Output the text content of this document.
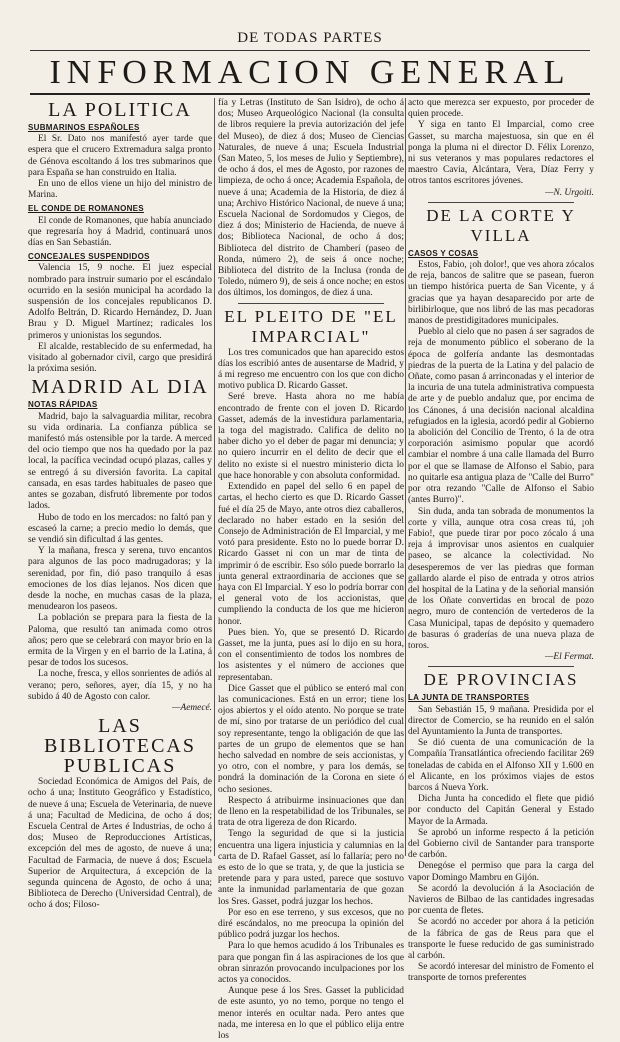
DE TODAS PARTES
INFORMACION GENERAL
LA POLITICA
SUBMARINOS ESPAÑOLES

El Sr. Dato nos manifestó ayer tarde que espera que el crucero Extremadura salga pronto de Génova escoltando á los tres submarinos que para España se han construido en Italia.

En uno de ellos viene un hijo del ministro de Marina.

EL CONDE DE ROMANONES

El conde de Romanones, que había anunciado que regresaría hoy á Madrid, continuará unos días en San Sebastián.

CONCEJALES SUSPENDIDOS

Valencia 15, 9 noche. El juez especial nombrado para instruir sumario por el escándalo ocurrido en la sesión municipal ha acordado la suspensión de los concejales republicanos D. Adolfo Beltrán, D. Ricardo Hernández, D. Juan Brau y D. Miguel Martínez; radicales los primeros y unionistas los segundos.

El alcalde, restablecido de su enfermedad, ha visitado al gobernador civil, cargo que presidirá la próxima sesión.

MADRID AL DIA
NOTAS RÁPIDAS

Madrid, bajo la salvaguardia militar, recobra su vida ordinaria. La confianza pública se manifestó más ostensible por la tarde. A merced del ocio tiempo que nos ha quedado por la paz local, la pacífica vecindad ocupó plazas, calles y se entregó á su diversión favorita. La capital cansada, en esas tardes habituales de paseo que antes se gozaban, disfrutó libremente por todos lados.

Hubo de todo en los mercados: no faltó pan y escaseó la carne; a precio medio lo demás, que se vendió sin dificultad á las gentes.

Y la mañana, fresca y serena, tuvo encantos para algunos de las poco madrugadoras; y la serenidad, por fin, dió paso tranquilo á esas emociones de los días lejanos. Nos dicen que desde la noche, en muchas casas de la plaza, menudearon los paseos.

La población se prepara para la fiesta de la Paloma, que resultó tan animada como otros años; pero que se celebrará con mayor brío en la ermita de la Virgen y en el barrio de la Latina, á pesar de todos los sucesos.

La noche, fresca, y ellos sonrientes de adiós al verano; pero, señores, ayer, día 15, y no ha subido á 40 de Agosto con calor.

—Aemecé.
LAS BIBLIOTECAS PUBLICAS

Sociedad Económica de Amigos del País, de ocho á una; Instituto Geográfico y Estadístico, de nueve á una; Escuela de Veterinaria, de nueve á una; Facultad de Medicina, de ocho á dos; Escuela Central de Artes é Industrias, de ocho á dos; Museo de Reproducciones Artísticas, excepción del mes de agosto, de nueve á una; Facultad de Farmacia, de nueve á dos; Escuela Superior de Arquitectura, á excepción de la segunda quincena de Agosto, de ocho á una; Biblioteca de Derecho (Universidad Central), de ocho á dos; Filoso-

fía y Letras (Instituto de San Isidro), de ocho á dos; Museo Arqueológico Nacional (la consulta de libros requiere la previa autorización del jefe del Museo), de diez á dos; Museo de Ciencias Naturales, de nueve á una; Escuela Industrial (San Mateo, 5, los meses de Julio y Septiembre), de ocho á dos, el mes de Agosto, por razones de limpieza, de ocho á once; Academia Española, de nueve á una; Academia de la Historia, de diez á una; Archivo Histórico Nacional, de nueve á una; Escuela Nacional de Sordomudos y Ciegos, de diez á dos; Ministerio de Hacienda, de nueve á dos; Biblioteca Nacional, de ocho á dos; Biblioteca del distrito de Chamberí (paseo de Ronda, número 2), de seis á once noche; Biblioteca del distrito de la Inclusa (ronda de Toledo, número 9), de seis á once noche; en estos dos últimos, los domingos, de diez á una.

EL PLEITO DE "EL IMPARCIAL"

Los tres comunicados que han aparecido estos días los escribió antes de ausentarse de Madrid, y á mi regreso me encuentro con los que con dicho motivo publica D. Ricardo Gasset.

Seré breve. Hasta ahora no me había encontrado de frente con el joven D. Ricardo Gasset, además de la investidura parlamentaria, la toga del magistrado. Califica de delito no haber dicho yo el deber de pagar mi denuncia; y no quiero incurrir en el delito de decir que el delito no existe si el nuestro ministerio dicta lo que hace honorable y con absoluta conformidad.

Extendido en papel del sello 6 en papel de cartas, el hecho cierto es que D. Ricardo Gasset fué el día 25 de Mayo, ante otros diez caballeros, declarado no haber estado en la sesión del Consejo de Administración de El Imparcial, y me votó para presidente. Esto no lo puede borrar D. Ricardo Gasset ni con un mar de tinta de imprimir ó de escribir. Eso sólo puede borrarlo la junta general extraordinaria de acciones que se haya con El Imparcial. Y eso lo podría borrar con el general voto de los accionistas, que cumpliendo la conducta de los que me hicieron honor.

Pues bien. Yo, que se presentó D. Ricardo Gasset, me la junta, pues así lo dijo en su hora, con el consentimiento de todos los nombres de los asistentes y el número de acciones que representaban.

Dice Gasset que el público se enteró mal con las comunicaciones. Está en un error; tiene los ojos abiertos y el oído atento. No porque se trate de mí, sino por tratarse de un periódico del cual soy representante, tengo la obligación de que las partes de un grupo de elementos que se han hecho salvedad en nombre de seis accionistas, y yo otro, con el nombre, y para los demás, se pondrá la dominación de la Corona en siete ó ocho sesiones.

Respecto á atribuirme insinuaciones que dan de lleno en la respetabilidad de los Tribunales, se trata de otra ligereza de don Ricardo.

Tengo la seguridad de que si la justicia encuentra una ligera injusticia y calumnias en la carta de D. Rafael Gasset, así lo fallaría; pero no es esto de lo que se trata, y, de que la justicia se pretende para y para usted, parece que sostuvo ante la inmunidad parlamentaria de que gozan los Sres. Gasset, podrá juzgar los hechos.

Por eso en ese terreno, y sus excesos, que no diré escándalos, no me preocupa la opinión del público podrá juzgar los hechos.

Para lo que hemos acudido á los Tribunales es para que pongan fin á las aspiraciones de los que obran sinrazón provocando inculpaciones por los actos ya conocidos.

Aunque pese á los Sres. Gasset la publicidad de este asunto, yo no temo, porque no tengo el menor interés en ocultar nada. Pero antes que nada, me interesa en lo que el público elija entre los

acto que merezca ser expuesto, por proceder de quien procede.

Y siga en tanto El Imparcial, como cree Gasset, su marcha majestuosa, sin que en él ponga la pluma ni el director D. Félix Lorenzo, ni sus veteranos y mas populares redactores el maestro Cavia, Alcántara, Vera, Díaz Ferry y otros tantos escritores jóvenes.

—N. Urgoiti.
DE LA CORTE Y VILLA
CASOS Y COSAS

Estos, Fabio, ¡oh dolor!, que ves ahora zócalos de reja, bancos de salitre que se pasean, fueron un tiempo histórica puerta de San Vicente, y á gracias que ya hayan desaparecido por arte de birlibirloque, que nos libró de las mas pecadoras manos de prestidigitadores municipales.

Pueblo al cielo que no pasen á ser sagrados de reja de monumento público el soberano de la época de golfería andante las desmontadas piedras de la puerta de la Latina y del palacio de Oñate, como pasan á arrinconadas y el interior de la incuria de una tutela administrativa compuesta de arte y de pueblo andaluz que, por encima de los Cánones, á una decisión nacional alcaldina refugiados en la iglesia, acordó pedir al Gobierno la abolición del Concilio de Trento, ó la de otra corporación asimismo popular que acordó cambiar el nombre á una calle llamada del Burro por el que se llamase de Alfonso el Sabio, para no quitarle esa antigua plaza de "Calle del Burro" por otra rezando "Calle de Alfonso el Sabio (antes Burro)".

Sin duda, anda tan sobrada de monumentos la corte y villa, aunque otra cosa creas tú, ¡oh Fabio!, que puede tirar por poco zócalo á una reja á improvisar unos asientos en cualquier paseo, se alcance la colectividad. No desesperemos de ver las piedras que forman gallardo alarde el piso de entrada y otros atrios del hospital de la Latina y de la señorial mansión de los Oñate convertidas en brocal de pozo negro, muro de contención de vertederos de la Casa Municipal, tapas de depósito y quemadero de basuras ó graderías de una nueva plaza de toros.

—El Fermat.
DE PROVINCIAS
LA JUNTA DE TRANSPORTES

San Sebastián 15, 9 mañana. Presidida por el director de Comercio, se ha reunido en el salón del Ayuntamiento la Junta de transportes.

Se dió cuenta de una comunicación de la Compañía Transatlántica ofreciendo facilitar 269 toneladas de cabida en el Alfonso XII y 1.600 en el Alicante, en los próximos viajes de estos barcos á Nueva York.

Dicha Junta ha concedido el flete que pidió por conducto del Capitán General y Estado Mayor de la Armada.

Se aprobó un informe respecto á la petición del Gobierno civil de Santander para transporte de carbón.

Denegóse el permiso que para la carga del vapor Domingo Mambru en Gijón.

Se acordó la devolución á la Asociación de Navieros de Bilbao de las cantidades ingresadas por cuenta de fletes.

Se acordó no acceder por ahora á la petición de la fábrica de gas de Reus para que el transporte le fuese reducido de gas suministrado al carbón.

Se acordó interesar del ministro de Fomento el transporte de tornos preferentes
